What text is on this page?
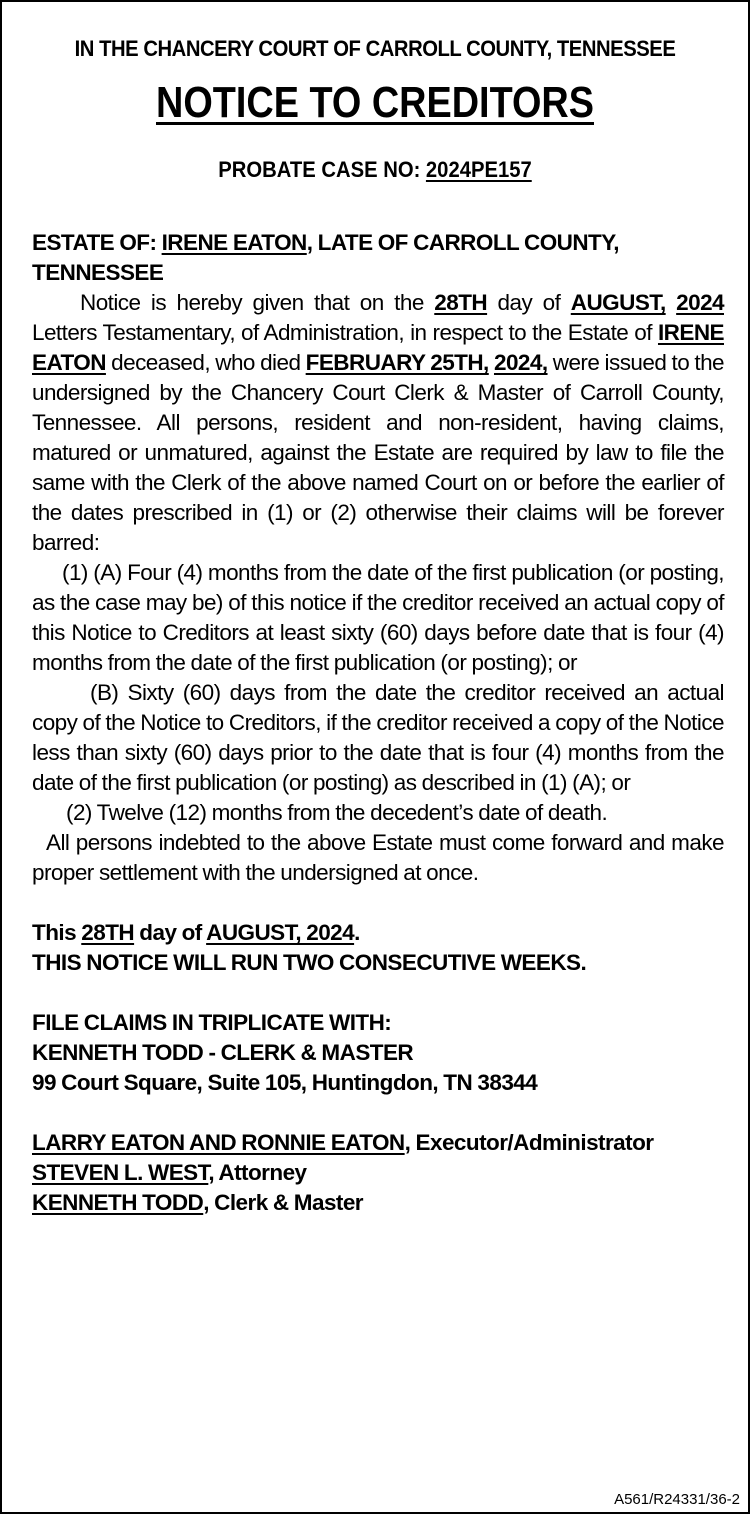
IN THE CHANCERY COURT OF CARROLL COUNTY, TENNESSEE
NOTICE TO CREDITORS
PROBATE CASE NO: 2024PE157

ESTATE OF: IRENE EATON, LATE OF CARROLL COUNTY, TENNESSEE

Notice is hereby given that on the 28TH day of AUGUST, 2024 Letters Testamentary, of Administration, in respect to the Estate of IRENE EATON deceased, who died FEBRUARY 25TH, 2024, were issued to the undersigned by the Chancery Court Clerk & Master of Carroll County, Tennessee. All persons, resident and non-resident, having claims, matured or unmatured, against the Estate are required by law to file the same with the Clerk of the above named Court on or before the earlier of the dates prescribed in (1) or (2) otherwise their claims will be forever barred:

(1) (A) Four (4) months from the date of the first publication (or posting, as the case may be) of this notice if the creditor received an actual copy of this Notice to Creditors at least sixty (60) days before date that is four (4) months from the date of the first publication (or posting); or

(B) Sixty (60) days from the date the creditor received an actual copy of the Notice to Creditors, if the creditor received a copy of the Notice less than sixty (60) days prior to the date that is four (4) months from the date of the first publication (or posting) as described in (1) (A); or

(2) Twelve (12) months from the decedent’s date of death.

All persons indebted to the above Estate must come forward and make proper settlement with the undersigned at once.

This 28TH day of AUGUST, 2024.

THIS NOTICE WILL RUN TWO CONSECUTIVE WEEKS.

FILE CLAIMS IN TRIPLICATE WITH:

KENNETH TODD - CLERK & MASTER

99 Court Square, Suite 105, Huntingdon, TN 38344

LARRY EATON AND RONNIE EATON, Executor/Administrator

STEVEN L. WEST, Attorney

KENNETH TODD, Clerk & Master

A561/R24331/36-2
